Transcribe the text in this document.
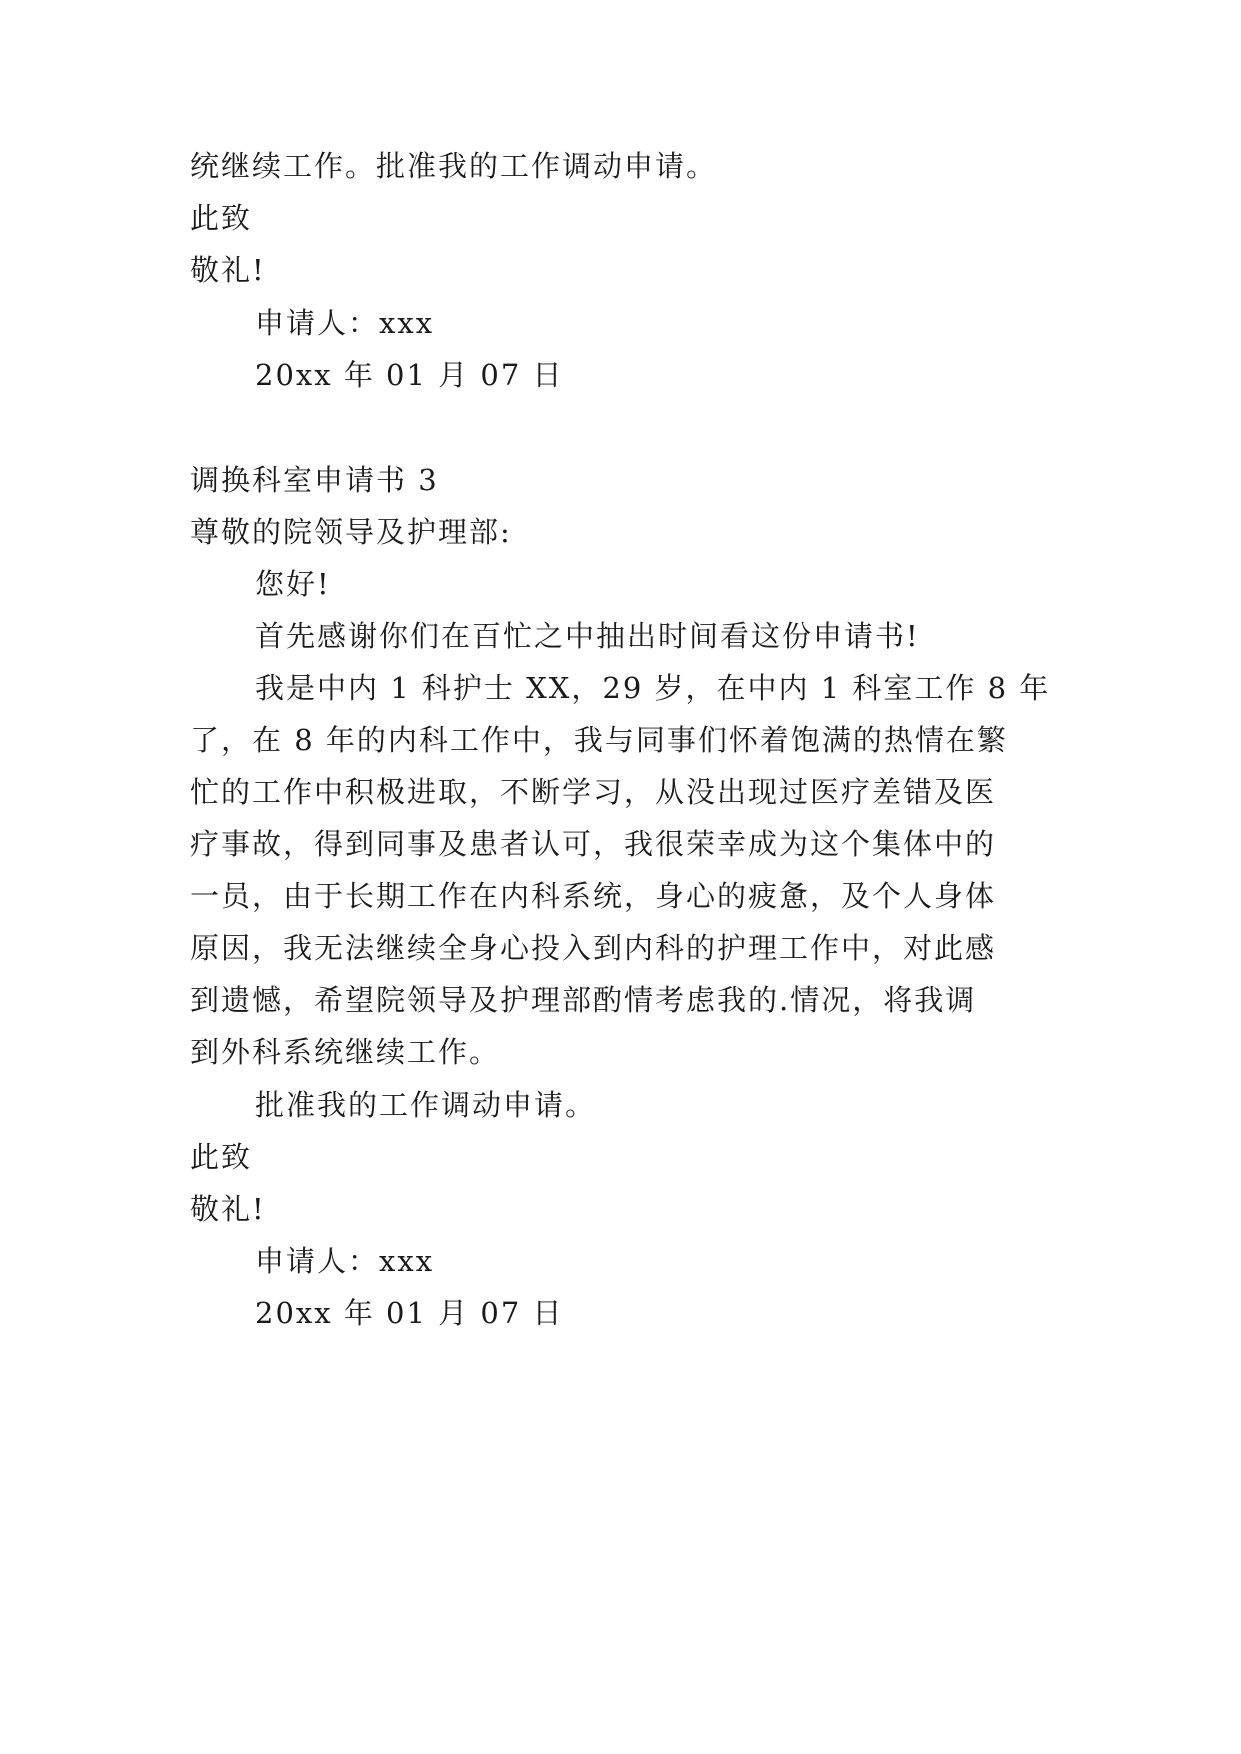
统继续工作。批准我的工作调动申请。
此致
敬礼!
申请人：xxx
20xx 年 01 月 07 日
调换科室申请书 3
尊敬的院领导及护理部:
您好!
首先感谢你们在百忙之中抽出时间看这份申请书!
我是中内 1 科护士 XX，29 岁，在中内 1 科室工作 8 年
了，在 8 年的内科工作中，我与同事们怀着饱满的热情在繁
忙的工作中积极进取，不断学习，从没出现过医疗差错及医
疗事故，得到同事及患者认可，我很荣幸成为这个集体中的
一员，由于长期工作在内科系统，身心的疲惫，及个人身体
原因，我无法继续全身心投入到内科的护理工作中，对此感
到遗憾，希望院领导及护理部酌情考虑我的.情况，将我调
到外科系统继续工作。
批准我的工作调动申请。
此致
敬礼!
申请人：xxx
20xx 年 01 月 07 日
